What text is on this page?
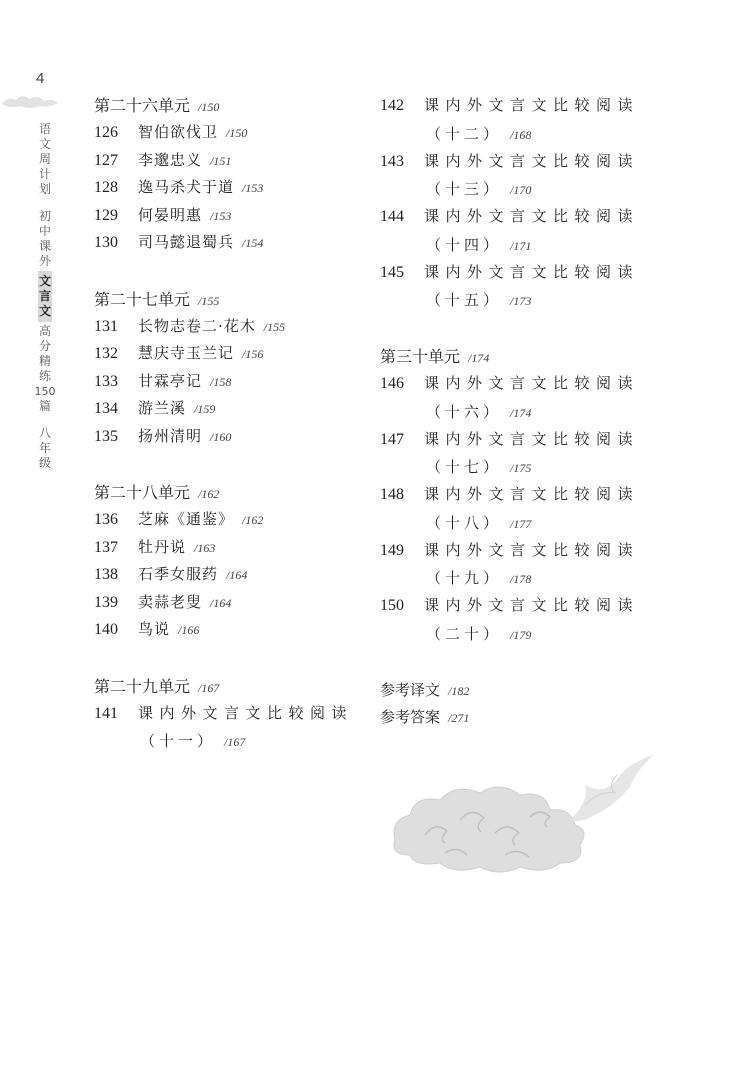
4
语
文
周
计
划
初
中
课
外
文
言
文
高
分
精
练
150
篇
八
年
级
第二十六单元 /150
126 智伯欲伐卫 /150
127 李邈忠义 /151
128 逸马杀犬于道 /153
129 何晏明惠 /153
130 司马懿退蜀兵 /154
第二十七单元 /155
131 长物志卷二·花木 /155
132 慧庆寺玉兰记 /156
133 甘霖亭记 /158
134 游兰溪 /159
135 扬州清明 /160
第二十八单元 /162
136 芝麻《通鉴》 /162
137 牡丹说 /163
138 石季女服药 /164
139 卖蒜老叟 /164
140 鸟说 /166
第二十九单元 /167
141 课内外文言文比较阅读
（十一） /167
142 课内外文言文比较阅读
（十二） /168
143 课内外文言文比较阅读
（十三） /170
144 课内外文言文比较阅读
（十四） /171
145 课内外文言文比较阅读
（十五） /173
第三十单元 /174
146 课内外文言文比较阅读
（十六） /174
147 课内外文言文比较阅读
（十七） /175
148 课内外文言文比较阅读
（十八） /177
149 课内外文言文比较阅读
（十九） /178
150 课内外文言文比较阅读
（二十） /179
参考译文 /182
参考答案 /271
